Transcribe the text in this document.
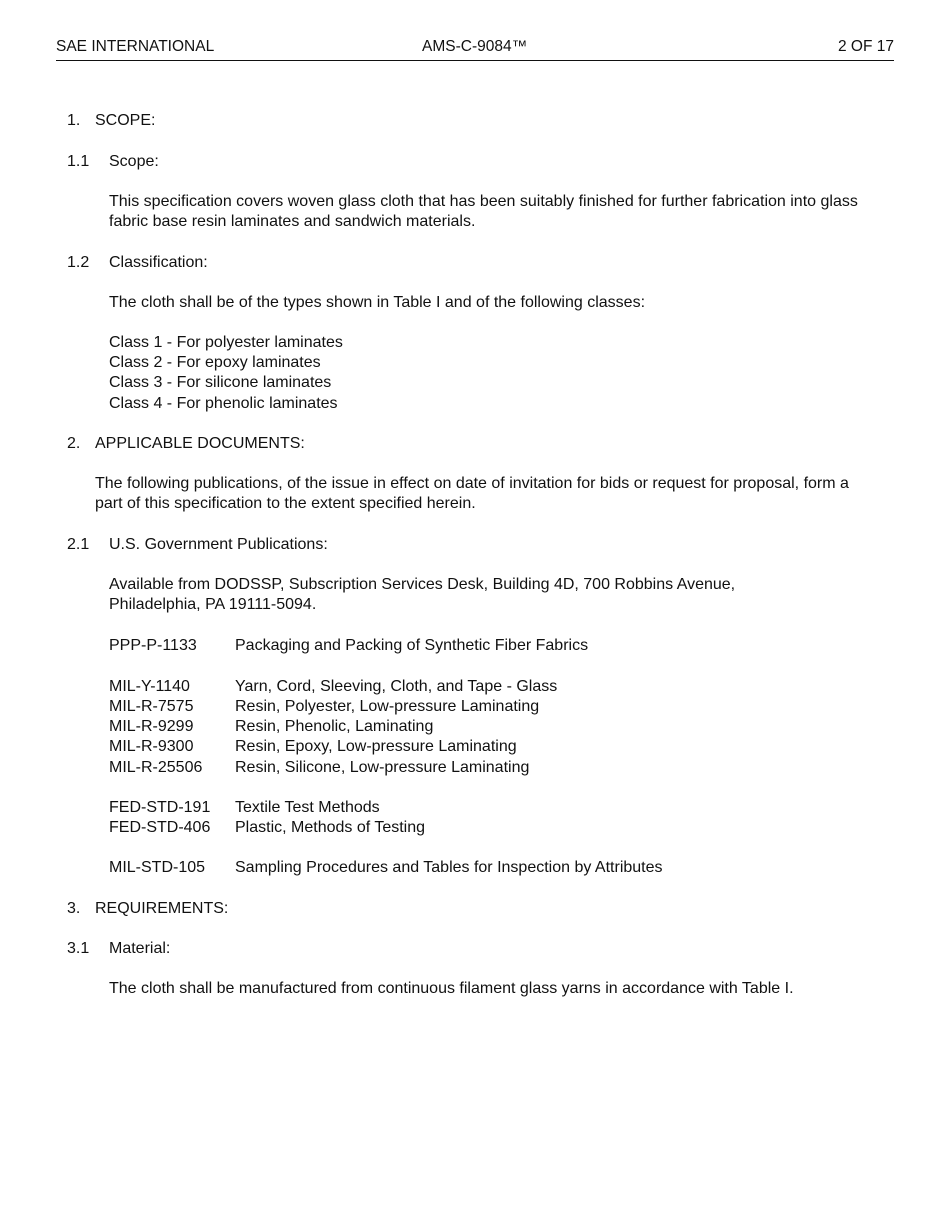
SAE INTERNATIONAL	AMS-C-9084™	2 OF 17
1. SCOPE:
1.1 Scope:
This specification covers woven glass cloth that has been suitably finished for further fabrication into glass fabric base resin laminates and sandwich materials.
1.2 Classification:
The cloth shall be of the types shown in Table I and of the following classes:
Class 1 - For polyester laminates
Class 2 - For epoxy laminates
Class 3 - For silicone laminates
Class 4 - For phenolic laminates
2. APPLICABLE DOCUMENTS:
The following publications, of the issue in effect on date of invitation for bids or request for proposal, form a part of this specification to the extent specified herein.
2.1 U.S. Government Publications:
Available from DODSSP, Subscription Services Desk, Building 4D, 700 Robbins Avenue, Philadelphia, PA 19111-5094.
PPP-P-1133 Packaging and Packing of Synthetic Fiber Fabrics
MIL-Y-1140	Yarn, Cord, Sleeving, Cloth, and Tape - Glass
MIL-R-7575	Resin, Polyester, Low-pressure Laminating
MIL-R-9299	Resin, Phenolic, Laminating
MIL-R-9300	Resin, Epoxy, Low-pressure Laminating
MIL-R-25506 Resin, Silicone, Low-pressure Laminating
FED-STD-191 Textile Test Methods
FED-STD-406 Plastic, Methods of Testing
MIL-STD-105 Sampling Procedures and Tables for Inspection by Attributes
3. REQUIREMENTS:
3.1 Material:
The cloth shall be manufactured from continuous filament glass yarns in accordance with Table I.
